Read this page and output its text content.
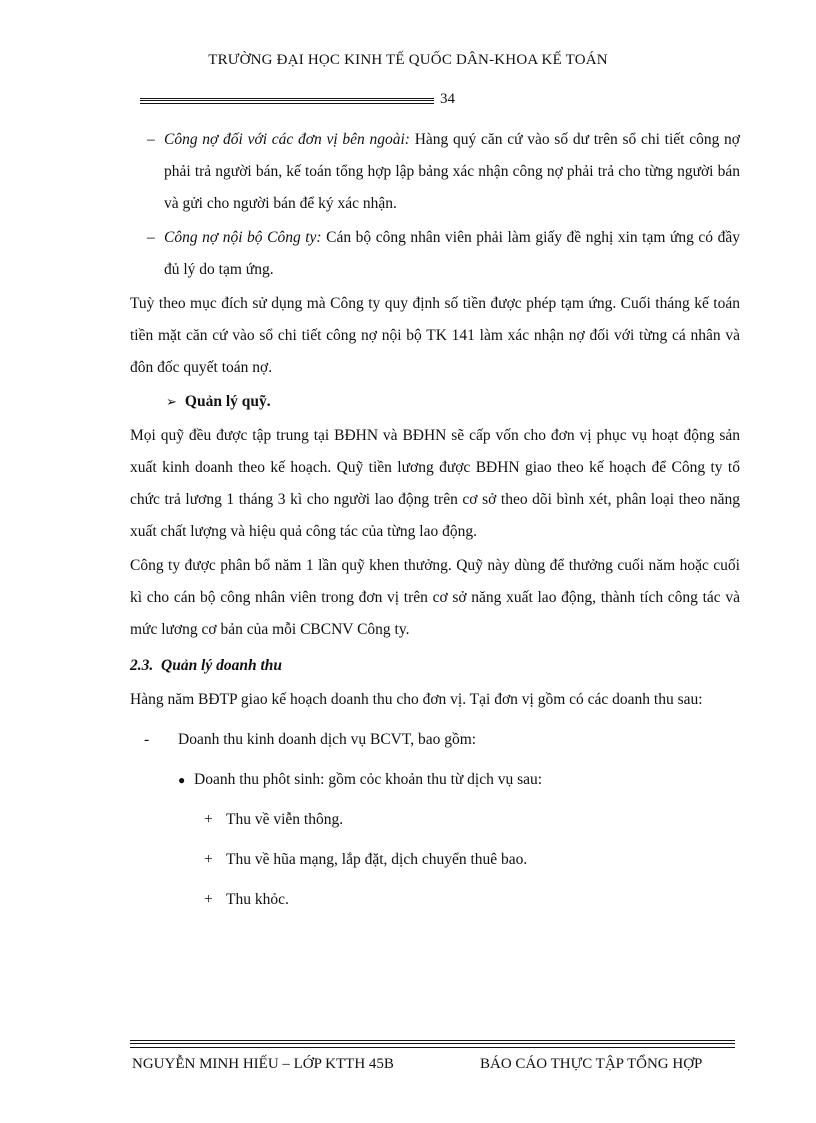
TRƯỜNG ĐẠI HỌC KINH TẾ QUỐC DÂN-KHOA KẾ TOÁN
34

– Công nợ đối với các đơn vị bên ngoài: Hàng quý căn cứ vào số dư trên sổ chi tiết công nợ phải trả người bán, kế toán tổng hợp lập bảng xác nhận công nợ phải trả cho từng người bán và gửi cho người bán để ký xác nhận.

– Công nợ nội bộ Công ty: Cán bộ công nhân viên phải làm giấy đề nghị xin tạm ứng có đầy đủ lý do tạm ứng.

Tuỳ theo mục đích sử dụng mà Công ty quy định số tiền được phép tạm ứng. Cuối tháng kế toán tiền mặt căn cứ vào sổ chi tiết công nợ nội bộ TK 141 làm xác nhận nợ đối với từng cá nhân và đôn đốc quyết toán nợ.

➢ Quản lý quỹ.

Mọi quỹ đều được tập trung tại BĐHN và BĐHN sẽ cấp vốn cho đơn vị phục vụ hoạt động sản xuất kinh doanh theo kế hoạch. Quỹ tiền lương được BĐHN giao theo kế hoạch để Công ty tổ chức trả lương 1 tháng 3 kì cho người lao động trên cơ sở theo dõi bình xét, phân loại theo năng xuất chất lượng và hiệu quả công tác của từng lao động.

Công ty được phân bổ năm 1 lần quỹ khen thưởng. Quỹ này dùng để thưởng cuối năm hoặc cuối kì cho cán bộ công nhân viên trong đơn vị trên cơ sở năng xuất lao động, thành tích công tác và mức lương cơ bản của mỗi CBCNV Công ty.

2.3. Quản lý doanh thu

Hàng năm BĐTP giao kế hoạch doanh thu cho đơn vị. Tại đơn vị gồm có các doanh thu sau:

- Doanh thu kinh doanh dịch vụ BCVT, bao gồm:

● Doanh thu phôt sinh: gồm cỏc khoản thu từ dịch vụ sau:

+ Thu về viễn thông.

+ Thu về hũa mạng, lắp đặt, dịch chuyển thuê bao.

+ Thu khỏc.

NGUYỄN MINH HIẾU – LỚP KTTH 45B	BÁO CÁO THỰC TẬP TỔNG HỢP
